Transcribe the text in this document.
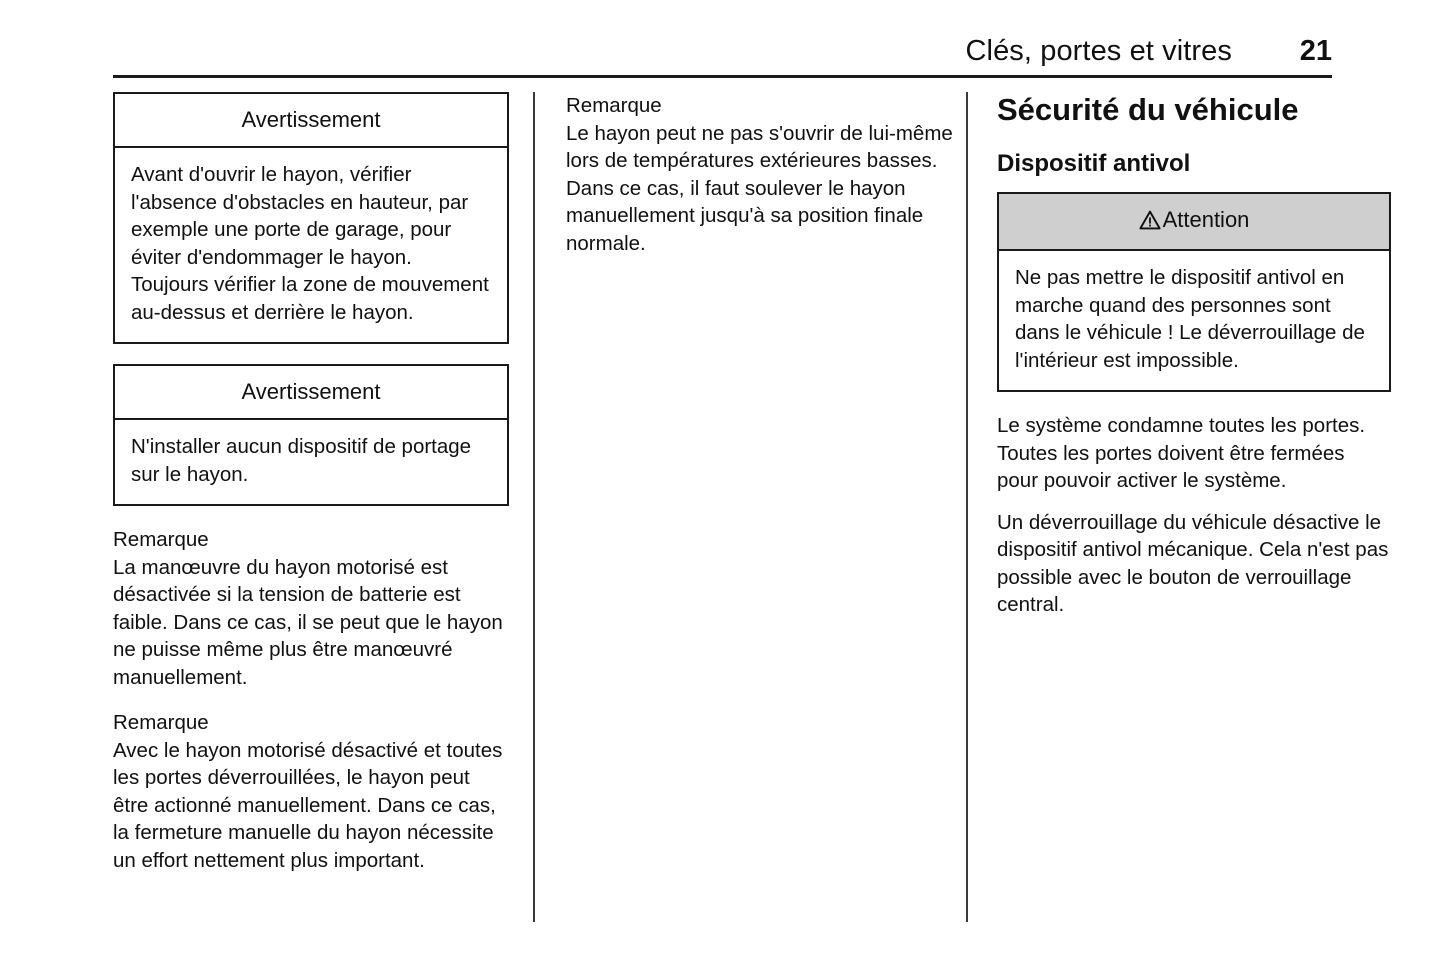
Clés, portes et vitres	21
Avertissement
Avant d'ouvrir le hayon, vérifier l'absence d'obstacles en hauteur, par exemple une porte de garage, pour éviter d'endommager le hayon. Toujours vérifier la zone de mouvement au-dessus et derrière le hayon.
Avertissement
N'installer aucun dispositif de portage sur le hayon.

Remarque

La manœuvre du hayon motorisé est désactivée si la tension de batterie est faible. Dans ce cas, il se peut que le hayon ne puisse même plus être manœuvré manuellement.

Remarque

Avec le hayon motorisé désactivé et toutes les portes déverrouillées, le hayon peut être actionné manuellement. Dans ce cas, la fermeture manuelle du hayon nécessite un effort nettement plus important.

Remarque

Le hayon peut ne pas s'ouvrir de lui-même lors de températures extérieures basses. Dans ce cas, il faut soulever le hayon manuellement jusqu'à sa position finale normale.

Sécurité du véhicule
Dispositif antivol
Attention
Ne pas mettre le dispositif antivol en marche quand des personnes sont dans le véhicule ! Le déverrouillage de l'intérieur est impossible.

Le système condamne toutes les portes. Toutes les portes doivent être fermées pour pouvoir activer le système.

Un déverrouillage du véhicule désactive le dispositif antivol mécanique. Cela n'est pas possible avec le bouton de verrouillage central.
